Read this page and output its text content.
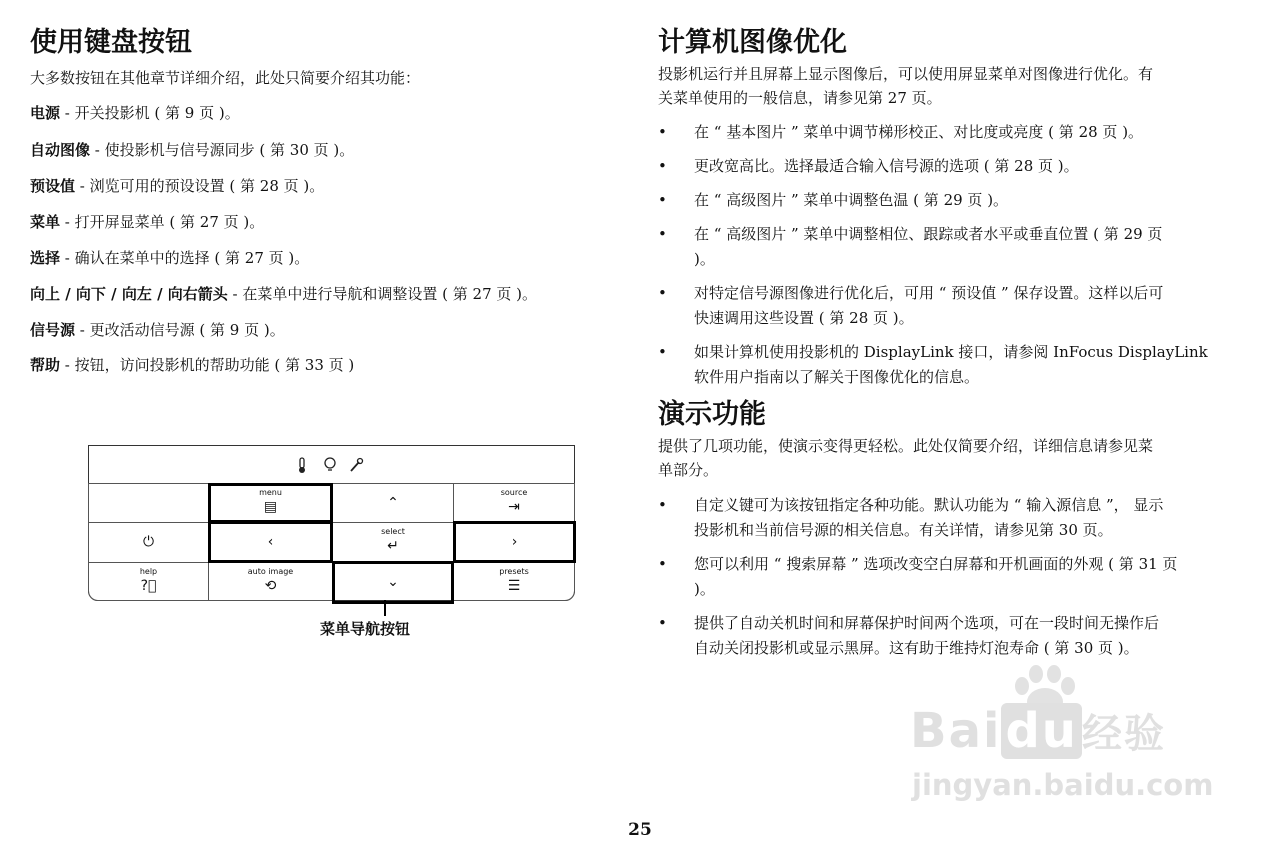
使用键盘按钮

大多数按钮在其他章节详细介绍，此处只简要介绍其功能：

电源 - 开关投影机 ( 第 9 页 )。

自动图像 - 使投影机与信号源同步 ( 第 30 页 )。

预设值 - 浏览可用的预设设置 ( 第 28 页 )。

菜单 - 打开屏显菜单 ( 第 27 页 )。

选择 - 确认在菜单中的选择 ( 第 27 页 )。

向上 / 向下 / 向左 / 向右箭头 - 在菜单中进行导航和调整设置 ( 第 27 页 )。

信号源 - 更改活动信号源 ( 第 9 页 )。

帮助 - 按钮，访问投影机的帮助功能 ( 第 33 页 )

⌃
source
⇥
⏻
select
↵
help
?⃝
auto image
⟲
presets
☰
menu
▤
‹	›
⌄
菜单导航按钮
计算机图像优化

投影机运行并且屏幕上显示图像后，可以使用屏显菜单对图像进行优化。有

关菜单使用的一般信息，请参见第 27 页。

• 在 “ 基本图片 ” 菜单中调节梯形校正、对比度或亮度 ( 第 28 页 )。
• 更改宽高比。选择最适合输入信号源的选项 ( 第 28 页 )。
• 在 “ 高级图片 ” 菜单中调整色温 ( 第 29 页 )。
• 在 “ 高级图片 ” 菜单中调整相位、跟踪或者水平或垂直位置 ( 第 29 页
)。
• 对特定信号源图像进行优化后，可用 “ 预设值 ” 保存设置。这样以后可
快速调用这些设置 ( 第 28 页 )。
• 如果计算机使用投影机的 DisplayLink 接口，请参阅 InFocus DisplayLink
软件用户指南以了解关于图像优化的信息。
演示功能

提供了几项功能，使演示变得更轻松。此处仅简要介绍，详细信息请参见菜

单部分。

• 自定义键可为该按钮指定各种功能。默认功能为 “ 输入源信息 ”， 显示
投影机和当前信号源的相关信息。有关详情，请参见第 30 页。
• 您可以利用 “ 搜索屏幕 ” 选项改变空白屏幕和开机画面的外观 ( 第 31 页
)。
• 提供了自动关机时间和屏幕保护时间两个选项，可在一段时间无操作后
自动关闭投影机或显示黑屏。这有助于维持灯泡寿命 ( 第 30 页 )。
Baidu 经验
jingyan.baidu.com
25
